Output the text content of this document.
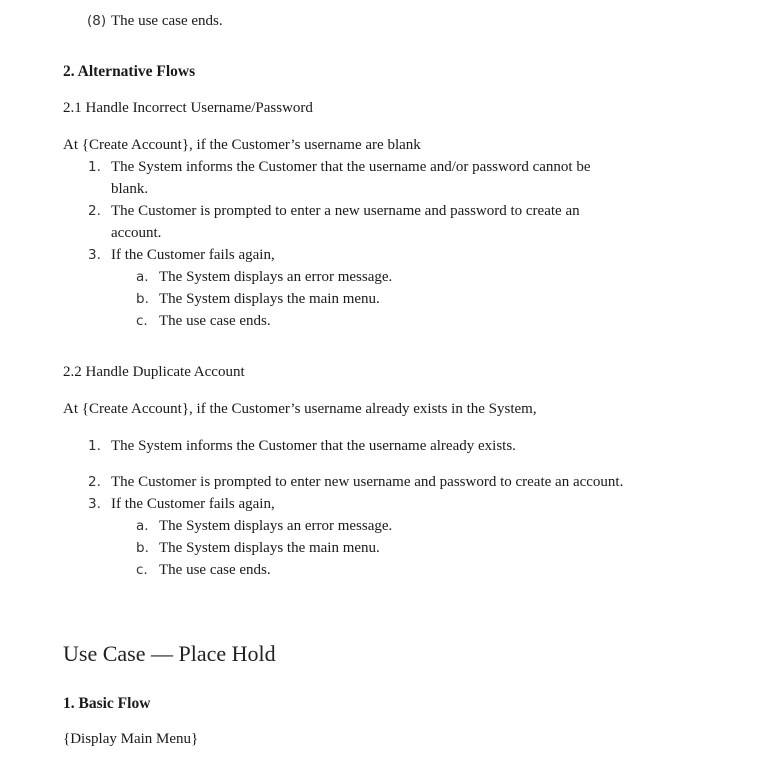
(8) The use case ends.
2. Alternative Flows
2.1 Handle Incorrect Username/Password
At {Create Account}, if the Customer’s username are blank
1. The System informs the Customer that the username and/or password cannot be
blank.
2. The Customer is prompted to enter a new username and password to create an
account.
3. If the Customer fails again,
a. The System displays an error message.
b. The System displays the main menu.
c. The use case ends.
2.2 Handle Duplicate Account
At {Create Account}, if the Customer’s username already exists in the System,
1. The System informs the Customer that the username already exists.
2. The Customer is prompted to enter new username and password to create an account.
3. If the Customer fails again,
a. The System displays an error message.
b. The System displays the main menu.
c. The use case ends.
Use Case — Place Hold
1. Basic Flow
{Display Main Menu}
